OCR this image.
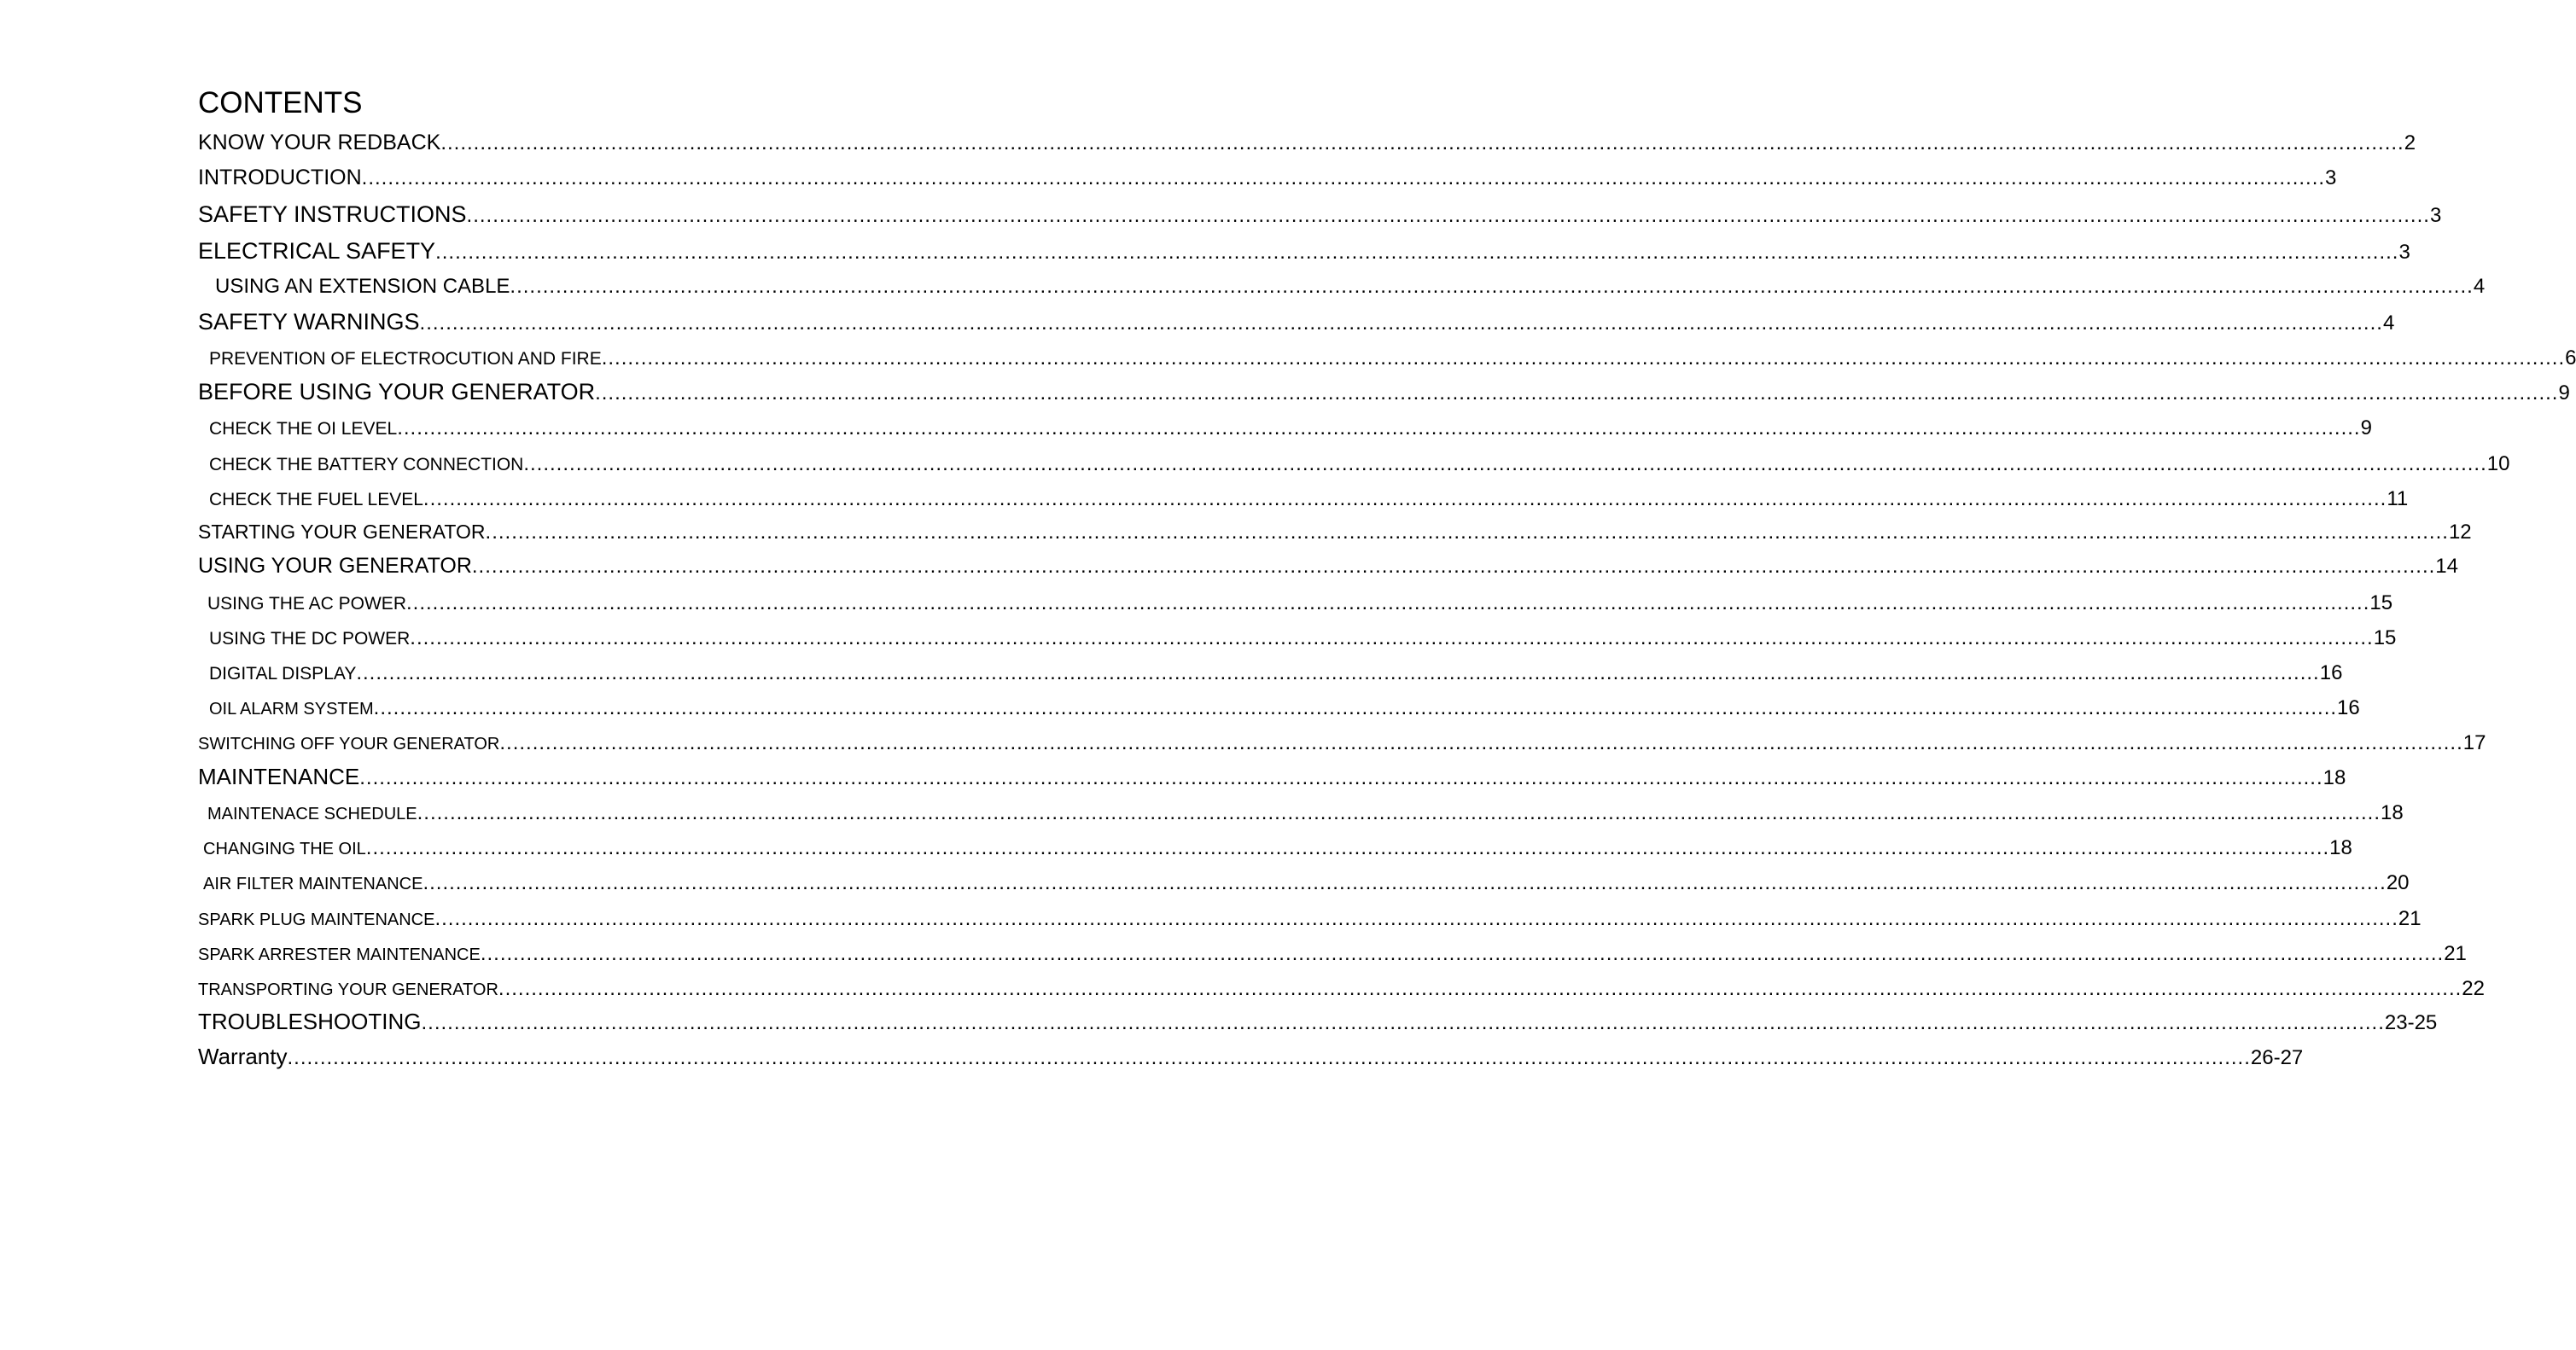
CONTENTS
KNOW YOUR REDBACK ............................................................................................................................................................................................................................................................................................................ 2
INTRODUCTION ............................................................................................................................................................................................................................................................................................................ 3
SAFETY INSTRUCTIONS ............................................................................................................................................................................................................................................................................................................ 3
ELECTRICAL SAFETY ............................................................................................................................................................................................................................................................................................................ 3
USING AN EXTENSION CABLE ............................................................................................................................................................................................................................................................................................................ 4
SAFETY WARNINGS ............................................................................................................................................................................................................................................................................................................ 4
PREVENTION OF ELECTROCUTION AND FIRE ............................................................................................................................................................................................................................................................................................................ 6
BEFORE USING YOUR GENERATOR ............................................................................................................................................................................................................................................................................................................ 9
CHECK THE OI LEVEL ............................................................................................................................................................................................................................................................................................................ 9
CHECK THE BATTERY CONNECTION ............................................................................................................................................................................................................................................................................................................ 10
CHECK THE FUEL LEVEL ............................................................................................................................................................................................................................................................................................................ 11
STARTING YOUR GENERATOR ............................................................................................................................................................................................................................................................................................................ 12
USING YOUR GENERATOR ............................................................................................................................................................................................................................................................................................................ 14
USING THE AC POWER ............................................................................................................................................................................................................................................................................................................ 15
USING THE DC POWER ............................................................................................................................................................................................................................................................................................................ 15
DIGITAL DISPLAY ............................................................................................................................................................................................................................................................................................................ 16
OIL ALARM SYSTEM ............................................................................................................................................................................................................................................................................................................ 16
SWITCHING OFF YOUR GENERATOR ............................................................................................................................................................................................................................................................................................................ 17
MAINTENANCE ............................................................................................................................................................................................................................................................................................................ 18
MAINTENACE SCHEDULE ............................................................................................................................................................................................................................................................................................................ 18
CHANGING THE OIL ............................................................................................................................................................................................................................................................................................................ 18
AIR FILTER MAINTENANCE ............................................................................................................................................................................................................................................................................................................ 20
SPARK PLUG MAINTENANCE ............................................................................................................................................................................................................................................................................................................ 21
SPARK ARRESTER MAINTENANCE ............................................................................................................................................................................................................................................................................................................ 21
TRANSPORTING YOUR GENERATOR ............................................................................................................................................................................................................................................................................................................ 22
TROUBLESHOOTING ............................................................................................................................................................................................................................................................................................................ 23-25
Warranty ............................................................................................................................................................................................................................................................................................................ 26-27
